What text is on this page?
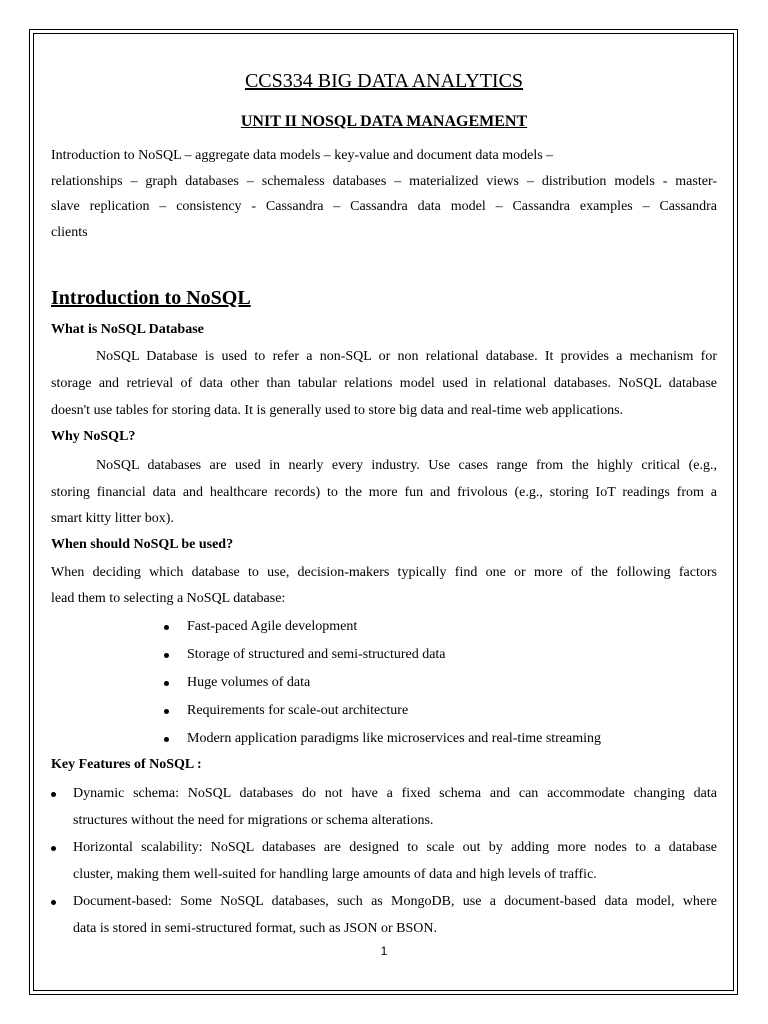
CCS334 BIG DATA ANALYTICS

UNIT II NOSQL DATA MANAGEMENT

Introduction to NoSQL – aggregate data models – key-value and document data models –

relationships – graph databases – schemaless databases – materialized views – distribution models - master-

slave replication – consistency - Cassandra – Cassandra data model – Cassandra examples – Cassandra

clients

Introduction to NoSQL

What is NoSQL Database

NoSQL Database is used to refer a non-SQL or non relational database. It provides a mechanism for

storage and retrieval of data other than tabular relations model used in relational databases. NoSQL database

doesn't use tables for storing data. It is generally used to store big data and real-time web applications.

Why NoSQL?

NoSQL databases are used in nearly every industry. Use cases range from the highly critical (e.g.,

storing financial data and healthcare records) to the more fun and frivolous (e.g., storing IoT readings from a

smart kitty litter box).

When should NoSQL be used?

When deciding which database to use, decision-makers typically find one or more of the following factors

lead them to selecting a NoSQL database:

Fast-paced Agile development

Storage of structured and semi-structured data

Huge volumes of data

Requirements for scale-out architecture

Modern application paradigms like microservices and real-time streaming

Key Features of NoSQL :

Dynamic schema: NoSQL databases do not have a fixed schema and can accommodate changing data

structures without the need for migrations or schema alterations.

Horizontal scalability: NoSQL databases are designed to scale out by adding more nodes to a database

cluster, making them well-suited for handling large amounts of data and high levels of traffic.

Document-based: Some NoSQL databases, such as MongoDB, use a document-based data model, where

data is stored in semi-structured format, such as JSON or BSON.

1
